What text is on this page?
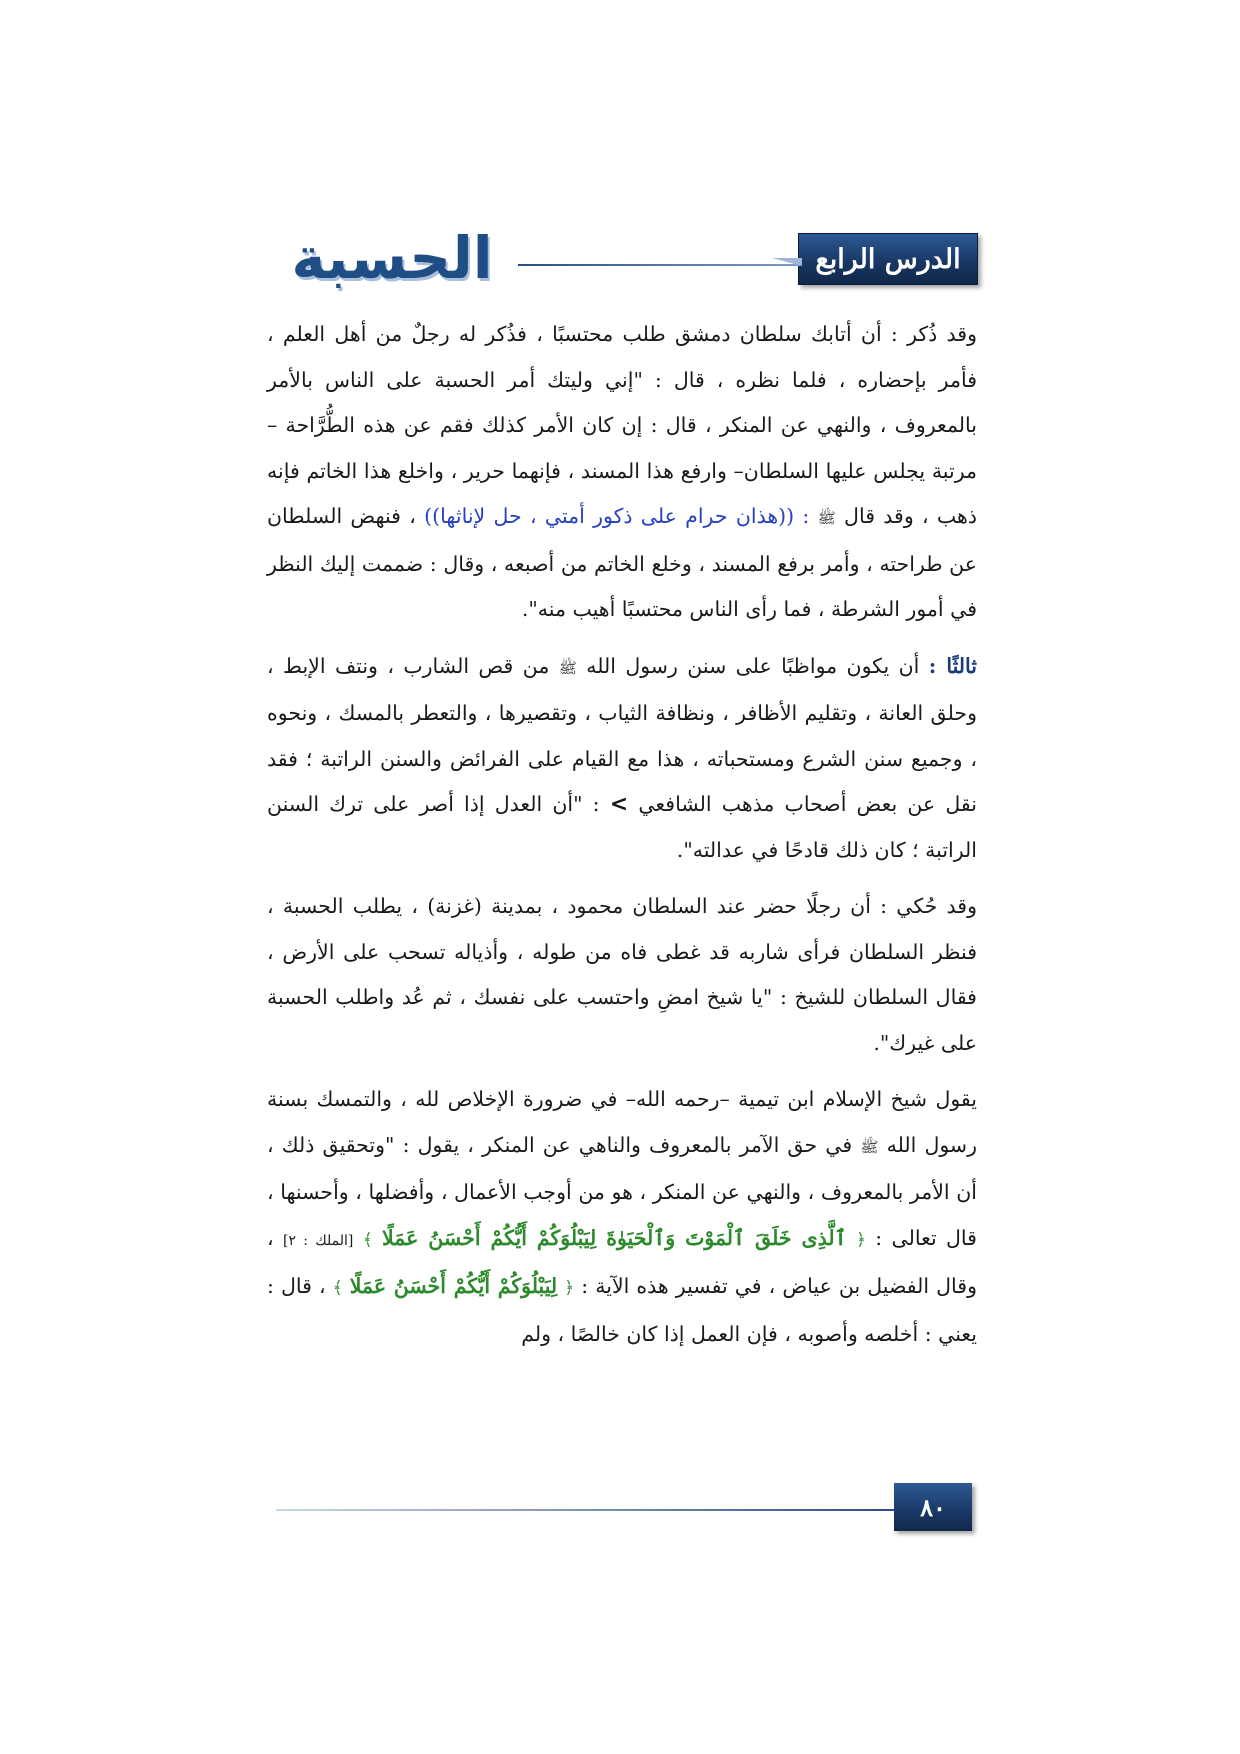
الدرس الرابع
الحسبة

وقد ذُكر : أن أتابك سلطان دمشق طلب محتسبًا ، فذُكر له رجلٌ من أهل العلم ، فأمر بإحضاره ، فلما نظره ، قال : "إني وليتك أمر الحسبة على الناس بالأمر بالمعروف ، والنهي عن المنكر ، قال : إن كان الأمر كذلك فقم عن هذه الطُّرَّاحة –مرتبة يجلس عليها السلطان– وارفع هذا المسند ، فإنهما حرير ، واخلع هذا الخاتم فإنه ذهب ، وقد قال ﷺ : ((هذان حرام على ذكور أمتي ، حل لإناثها)) ، فنهض السلطان عن طراحته ، وأمر برفع المسند ، وخلع الخاتم من أصبعه ، وقال : ضممت إليك النظر في أمور الشرطة ، فما رأى الناس محتسبًا أهيب منه".

ثالثًا : أن يكون مواظبًا على سنن رسول الله ﷺ من قص الشارب ، ونتف الإبط ، وحلق العانة ، وتقليم الأظافر ، ونظافة الثياب ، وتقصيرها ، والتعطر بالمسك ، ونحوه ، وجميع سنن الشرع ومستحباته ، هذا مع القيام على الفرائض والسنن الراتبة ؛ فقد نقل عن بعض أصحاب مذهب الشافعي > : "أن العدل إذا أصر على ترك السنن الراتبة ؛ كان ذلك قادحًا في عدالته".

وقد حُكي : أن رجلًا حضر عند السلطان محمود ، بمدينة (غزنة) ، يطلب الحسبة ، فنظر السلطان فرأى شاربه قد غطى فاه من طوله ، وأذياله تسحب على الأرض ، فقال السلطان للشيخ : "يا شيخ امضِ واحتسب على نفسك ، ثم عُد واطلب الحسبة على غيرك".

يقول شيخ الإسلام ابن تيمية –رحمه الله– في ضرورة الإخلاص لله ، والتمسك بسنة رسول الله ﷺ في حق الآمر بالمعروف والناهي عن المنكر ، يقول : "وتحقيق ذلك ، أن الأمر بالمعروف ، والنهي عن المنكر ، هو من أوجب الأعمال ، وأفضلها ، وأحسنها ، قال تعالى : ﴿ ٱلَّذِى خَلَقَ ٱلْمَوْتَ وَٱلْحَيَوٰةَ لِيَبْلُوَكُمْ أَيُّكُمْ أَحْسَنُ عَمَلًا ﴾ [الملك : ٢] ، وقال الفضيل بن عياض ، في تفسير هذه الآية : ﴿ لِيَبْلُوَكُمْ أَيُّكُمْ أَحْسَنُ عَمَلًا ﴾ ، قال : يعني : أخلصه وأصوبه ، فإن العمل إذا كان خالصًا ، ولم

٨٠
